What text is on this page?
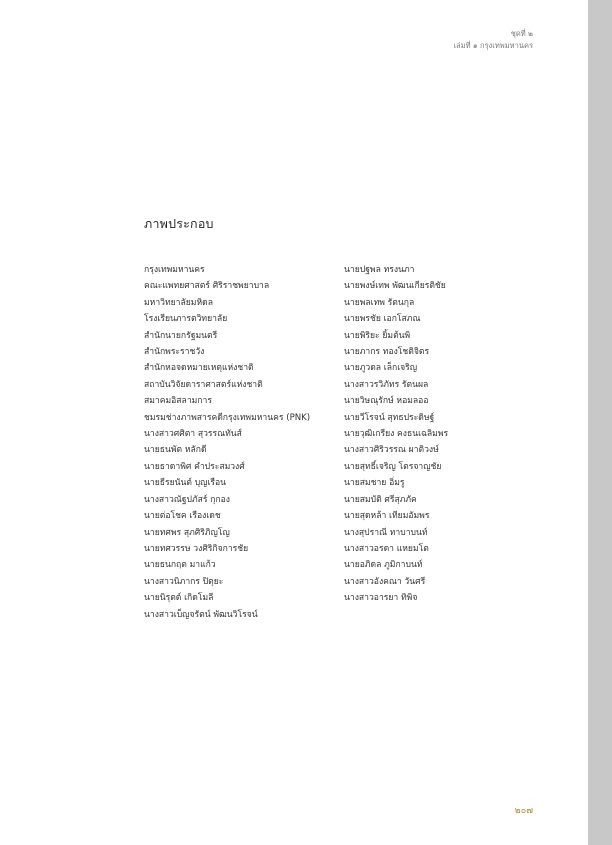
ชุดที่ ๒
เล่มที่ ๑ กรุงเทพมหานคร
ภาพประกอบ
กรุงเทพมหานคร
คณะแพทยศาสตร์ ศิริราชพยาบาล
มหาวิทยาลัยมหิดล
โรงเรียนภารตวิทยาลัย
สำนักนายกรัฐมนตรี
สำนักพระราชวัง
สำนักหอจดหมายเหตุแห่งชาติ
สถาบันวิจัยดาราศาสตร์แห่งชาติ
สมาคมอิสลามการ
ชมรมช่างภาพสารคดีกรุงเทพมหานคร (PNK)
นางสาวศศิตา สุวรรณทันส์
นายธนพัต หลักดี
นายธาดาพิศ คำประสมวงศ์
นายธีรยนันต์ บุญเรือน
นางสาวณัฐปภัสร์ กุกอง
นายต่อโชค เรืองเดช
นายทศพร สุภศิริภิญโญ
นายทศวรรษ วงศิริกิจการชัย
นายธนกฤต มาแก้ว
นางสาวนิภากร ปิตุยะ
นายนิรุตต์ เกิดโมลี
นางสาวเบ็ญจรัตน์ พัฒนวิโรจน์
นายปฐพล ทรงนภา
นายพงษ์เทพ พัฒนเกียรติชัย
นายพลเทพ รัตนกุล
นายพรชัย เอกโสภณ
นายพิริยะ ยิ้มต้นพิ
นายภากร ทองโชติจิตร
นายภูวดล เล็กเจริญ
นางสาวรวิภัทร รัตนผล
นายวิษณุรักษ์ หอมลออ
นายวีโรจน์ สุทธประดิษฐ์
นายวุฒิเกรียง คงธนเฉลิมพร
นางสาวศิริวรรณ ผาติวงษ์
นายสุทธิ์เจริญ โตรจาญชัย
นายสมชาย อิ่มรู
นายสมบัติ ศรีสุภภัค
นายสุดหล้า เทียมอัมพร
นางสุปราณี ทาบาบนท์
นางสาวอรดา แหยมโต
นายอภิดล ภูมิกาบนท์
นางสาวอังคณา วันศรี
นางสาวอารยา ทิพิจ
๒๐๗
